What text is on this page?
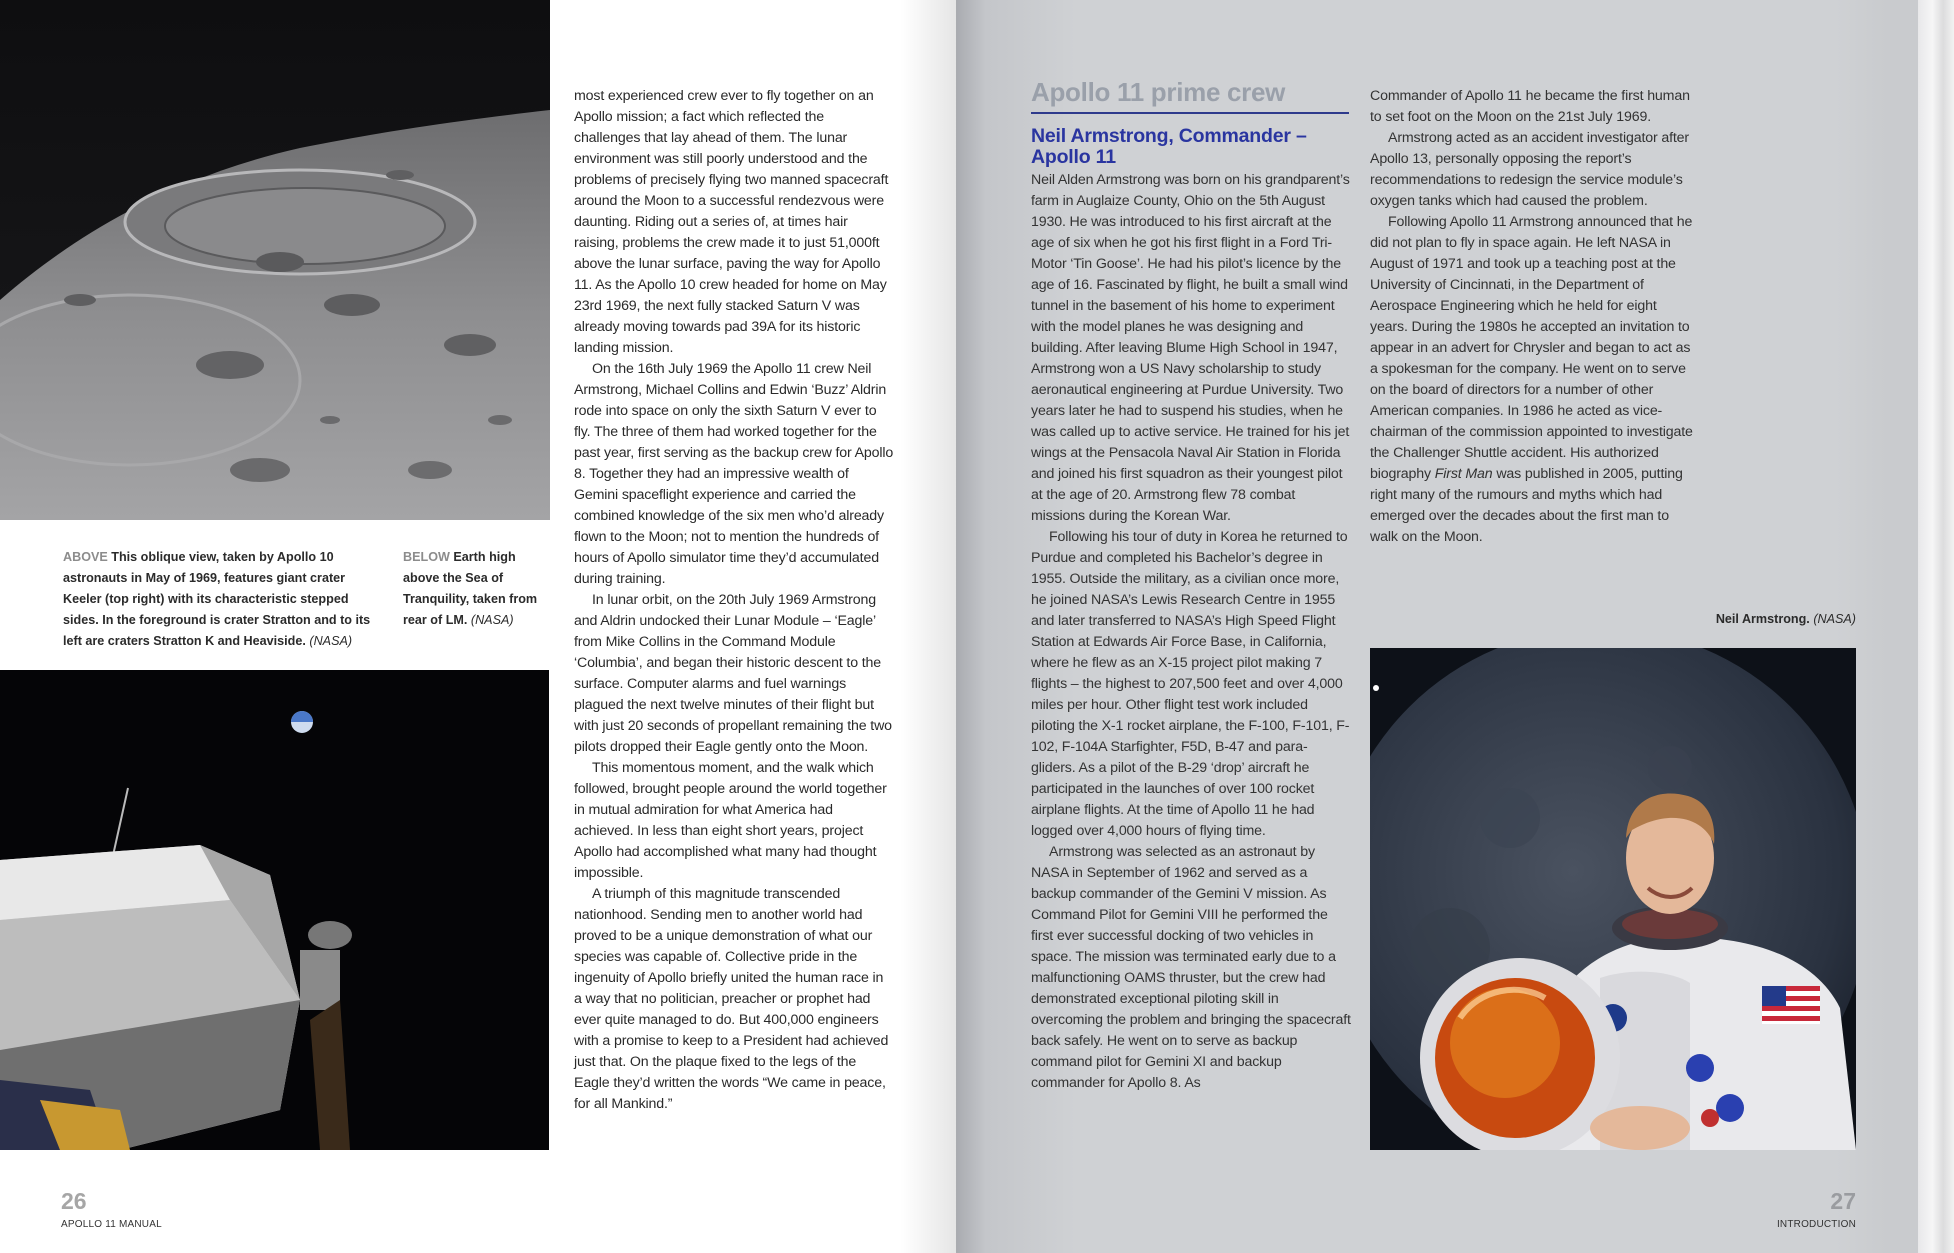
ABOVE This oblique view, taken by Apollo 10 astronauts in May of 1969, features giant crater Keeler (top right) with its characteristic stepped sides. In the foreground is crater Stratton and to its left are craters Stratton K and Heaviside. (NASA)
BELOW Earth high above the Sea of Tranquility, taken from rear of LM. (NASA)

most experienced crew ever to fly together on an Apollo mission; a fact which reflected the challenges that lay ahead of them. The lunar environment was still poorly understood and the problems of precisely flying two manned spacecraft around the Moon to a successful rendezvous were daunting. Riding out a series of, at times hair raising, problems the crew made it to just 51,000ft above the lunar surface, paving the way for Apollo 11. As the Apollo 10 crew headed for home on May 23rd 1969, the next fully stacked Saturn V was already moving towards pad 39A for its historic landing mission.

On the 16th July 1969 the Apollo 11 crew Neil Armstrong, Michael Collins and Edwin ‘Buzz’ Aldrin rode into space on only the sixth Saturn V ever to fly. The three of them had worked together for the past year, first serving as the backup crew for Apollo 8. Together they had an impressive wealth of Gemini spaceflight experience and carried the combined knowledge of the six men who’d already flown to the Moon; not to mention the hundreds of hours of Apollo simulator time they’d accumulated during training.

In lunar orbit, on the 20th July 1969 Armstrong and Aldrin undocked their Lunar Module – ‘Eagle’ from Mike Collins in the Command Module ‘Columbia’, and began their historic descent to the surface. Computer alarms and fuel warnings plagued the next twelve minutes of their flight but with just 20 seconds of propellant remaining the two pilots dropped their Eagle gently onto the Moon.

This momentous moment, and the walk which followed, brought people around the world together in mutual admiration for what America had achieved. In less than eight short years, project Apollo had accomplished what many had thought impossible.

A triumph of this magnitude transcended nationhood. Sending men to another world had proved to be a unique demonstration of what our species was capable of. Collective pride in the ingenuity of Apollo briefly united the human race in a way that no politician, preacher or prophet had ever quite managed to do. But 400,000 engineers with a promise to keep to a President had achieved just that. On the plaque fixed to the legs of the Eagle they’d written the words “We came in peace, for all Mankind.”

26
APOLLO 11 MANUAL
Apollo 11 prime crew
Neil Armstrong, Commander – Apollo 11

Neil Alden Armstrong was born on his grandparent’s farm in Auglaize County, Ohio on the 5th August 1930. He was introduced to his first aircraft at the age of six when he got his first flight in a Ford Tri-Motor ‘Tin Goose’. He had his pilot’s licence by the age of 16. Fascinated by flight, he built a small wind tunnel in the basement of his home to experiment with the model planes he was designing and building. After leaving Blume High School in 1947, Armstrong won a US Navy scholarship to study aeronautical engineering at Purdue University. Two years later he had to suspend his studies, when he was called up to active service. He trained for his jet wings at the Pensacola Naval Air Station in Florida and joined his first squadron as their youngest pilot at the age of 20. Armstrong flew 78 combat missions during the Korean War.

Following his tour of duty in Korea he returned to Purdue and completed his Bachelor’s degree in 1955. Outside the military, as a civilian once more, he joined NASA’s Lewis Research Centre in 1955 and later transferred to NASA’s High Speed Flight Station at Edwards Air Force Base, in California, where he flew as an X-15 project pilot making 7 flights – the highest to 207,500 feet and over 4,000 miles per hour. Other flight test work included piloting the X-1 rocket airplane, the F-100, F-101, F-102, F-104A Starfighter, F5D, B-47 and para-gliders. As a pilot of the B-29 ‘drop’ aircraft he participated in the launches of over 100 rocket airplane flights. At the time of Apollo 11 he had logged over 4,000 hours of flying time.

Armstrong was selected as an astronaut by NASA in September of 1962 and served as a backup commander of the Gemini V mission. As Command Pilot for Gemini VIII he performed the first ever successful docking of two vehicles in space. The mission was terminated early due to a malfunctioning OAMS thruster, but the crew had demonstrated exceptional piloting skill in overcoming the problem and bringing the spacecraft back safely. He went on to serve as backup command pilot for Gemini XI and backup commander for Apollo 8. As

Commander of Apollo 11 he became the first human to set foot on the Moon on the 21st July 1969.

Armstrong acted as an accident investigator after Apollo 13, personally opposing the report’s recommendations to redesign the service module’s oxygen tanks which had caused the problem.

Following Apollo 11 Armstrong announced that he did not plan to fly in space again. He left NASA in August of 1971 and took up a teaching post at the University of Cincinnati, in the Department of Aerospace Engineering which he held for eight years. During the 1980s he accepted an invitation to appear in an advert for Chrysler and began to act as a spokesman for the company. He went on to serve on the board of directors for a number of other American companies. In 1986 he acted as vice-chairman of the commission appointed to investigate the Challenger Shuttle accident. His authorized biography First Man was published in 2005, putting right many of the rumours and myths which had emerged over the decades about the first man to walk on the Moon.

Neil Armstrong. (NASA)
27
INTRODUCTION
